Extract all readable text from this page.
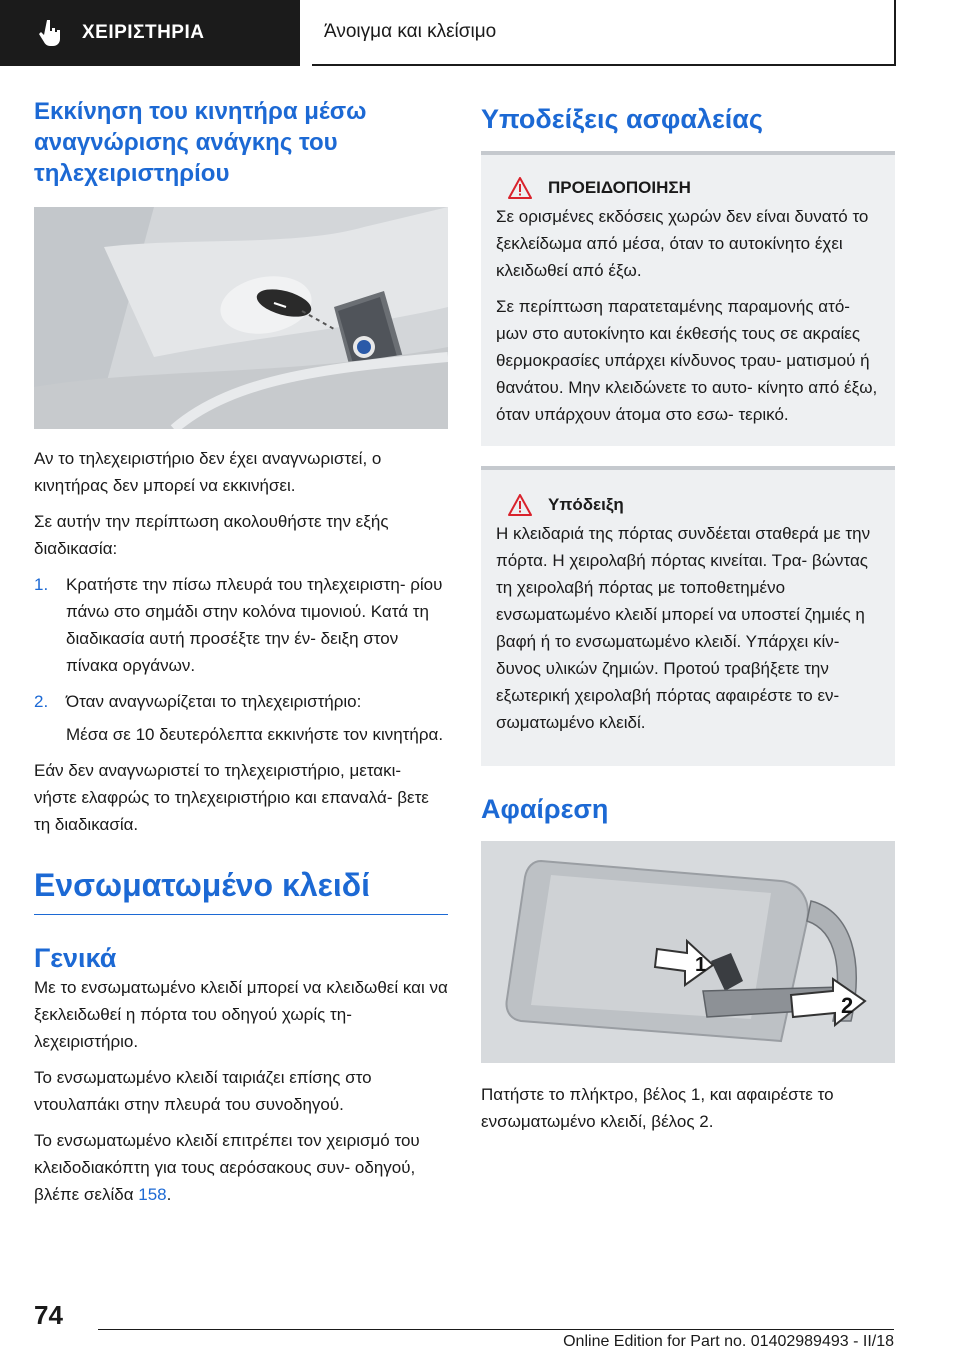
ΧΕΙΡΙΣΤΗΡΙΑ	Άνοιγμα και κλείσιμο
Εκκίνηση του κινητήρα μέσω αναγνώρισης ανάγκης του τηλεχειριστηρίου

Αν το τηλεχειριστήριο δεν έχει αναγνωριστεί, ο κινητήρας δεν μπορεί να εκκινήσει.

Σε αυτήν την περίπτωση ακολουθήστε την εξής διαδικασία:

1.	Κρατήστε την πίσω πλευρά του τηλεχειριστη- ρίου πάνω στο σημάδι στην κολόνα τιμονιού. Κατά τη διαδικασία αυτή προσέξτε την έν- δειξη στον πίνακα οργάνων.
2.	Όταν αναγνωρίζεται το τηλεχειριστήριο:

Μέσα σε 10 δευτερόλεπτα εκκινήστε τον κινητήρα.

Εάν δεν αναγνωριστεί το τηλεχειριστήριο, μετακι- νήστε ελαφρώς το τηλεχειριστήριο και επαναλά- βετε τη διαδικασία.

Ενσωματωμένο κλειδί
Γενικά

Με το ενσωματωμένο κλειδί μπορεί να κλειδωθεί και να ξεκλειδωθεί η πόρτα του οδηγού χωρίς τη- λεχειριστήριο.

Το ενσωματωμένο κλειδί ταιριάζει επίσης στο ντουλαπάκι στην πλευρά του συνοδηγού.

Το ενσωματωμένο κλειδί επιτρέπει τον χειρισμό του κλειδοδιακόπτη για τους αερόσακους συν- οδηγού, βλέπε σελίδα 158.

Υποδείξεις ασφαλείας
ΠΡΟΕΙΔΟΠΟΙΗΣΗ

Σε ορισμένες εκδόσεις χωρών δεν είναι δυνατό το ξεκλείδωμα από μέσα, όταν το αυτοκίνητο έχει κλειδωθεί από έξω.

Σε περίπτωση παρατεταμένης παραμονής ατό- μων στο αυτοκίνητο και έκθεσής τους σε ακραίες θερμοκρασίες υπάρχει κίνδυνος τραυ- ματισμού ή θανάτου. Μην κλειδώνετε το αυτο- κίνητο από έξω, όταν υπάρχουν άτομα στο εσω- τερικό.

Υπόδειξη

Η κλειδαριά της πόρτας συνδέεται σταθερά με την πόρτα. Η χειρολαβή πόρτας κινείται. Τρα- βώντας τη χειρολαβή πόρτας με τοποθετημένο ενσωματωμένο κλειδί μπορεί να υποστεί ζημιές η βαφή ή το ενσωματωμένο κλειδί. Υπάρχει κίν- δυνος υλικών ζημιών. Προτού τραβήξετε την εξωτερική χειρολαβή πόρτας αφαιρέστε το εν- σωματωμένο κλειδί.

Αφαίρεση
1
2

Πατήστε το πλήκτρο, βέλος 1, και αφαιρέστε το ενσωματωμένο κλειδί, βέλος 2.

74
Online Edition for Part no. 01402989493 - II/18
